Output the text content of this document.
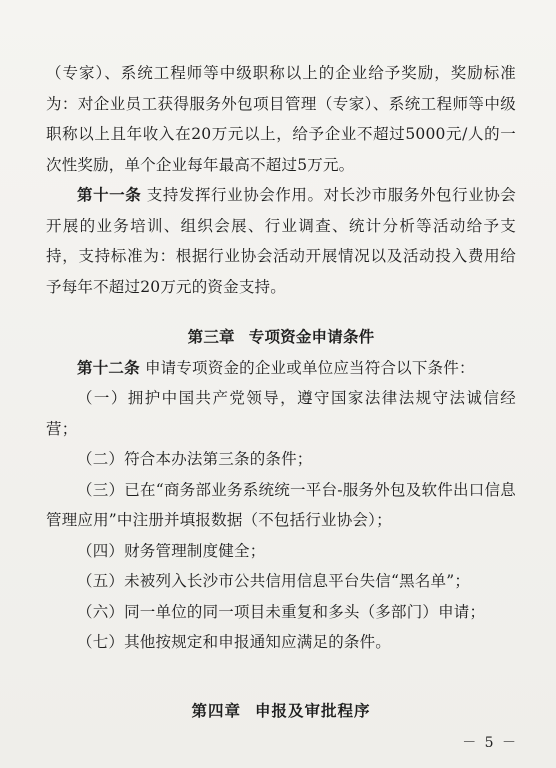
（专家）、系统工程师等中级职称以上的企业给予奖励，奖励标准为：对企业员工获得服务外包项目管理（专家）、系统工程师等中级职称以上且年收入在20万元以上，给予企业不超过5000元/人的一次性奖励，单个企业每年最高不超过5万元。

第十一条 支持发挥行业协会作用。对长沙市服务外包行业协会开展的业务培训、组织会展、行业调查、统计分析等活动给予支持，支持标准为：根据行业协会活动开展情况以及活动投入费用给予每年不超过20万元的资金支持。

第三章 专项资金申请条件

第十二条 申请专项资金的企业或单位应当符合以下条件：

（一）拥护中国共产党领导，遵守国家法律法规守法诚信经营；

（二）符合本办法第三条的条件；

（三）已在“商务部业务系统统一平台-服务外包及软件出口信息管理应用”中注册并填报数据（不包括行业协会）；

（四）财务管理制度健全；

（五）未被列入长沙市公共信用信息平台失信“黑名单”；

（六）同一单位的同一项目未重复和多头（多部门）申请；

（七）其他按规定和申报通知应满足的条件。

第四章 申报及审批程序

－ 5 －
